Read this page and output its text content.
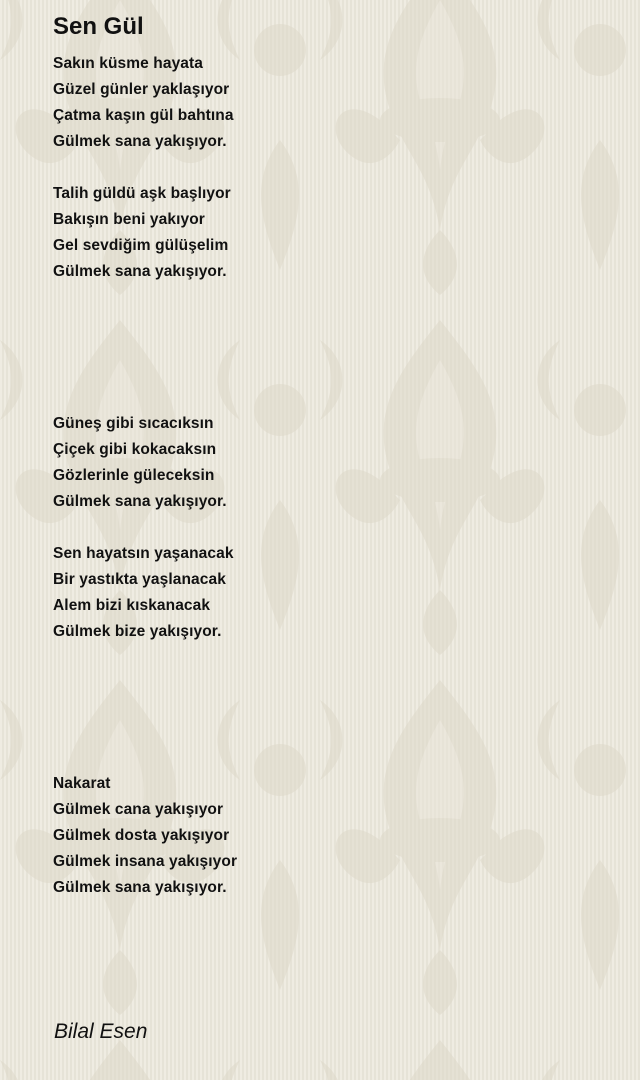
Sen Gül
Sakın küsme hayata
Güzel günler yaklaşıyor
Çatma kaşın gül bahtına
Gülmek sana yakışıyor.
Talih güldü aşk başlıyor
Bakışın beni yakıyor
Gel sevdiğim gülüşelim
Gülmek sana yakışıyor.
Güneş gibi sıcacıksın
Çiçek gibi kokacaksın
Gözlerinle güleceksin
Gülmek sana yakışıyor.
Sen hayatsın yaşanacak
Bir yastıkta yaşlanacak
Alem bizi kıskanacak
Gülmek bize yakışıyor.
Nakarat
Gülmek cana yakışıyor
Gülmek dosta yakışıyor
Gülmek insana yakışıyor
Gülmek sana yakışıyor.
Bilal Esen
